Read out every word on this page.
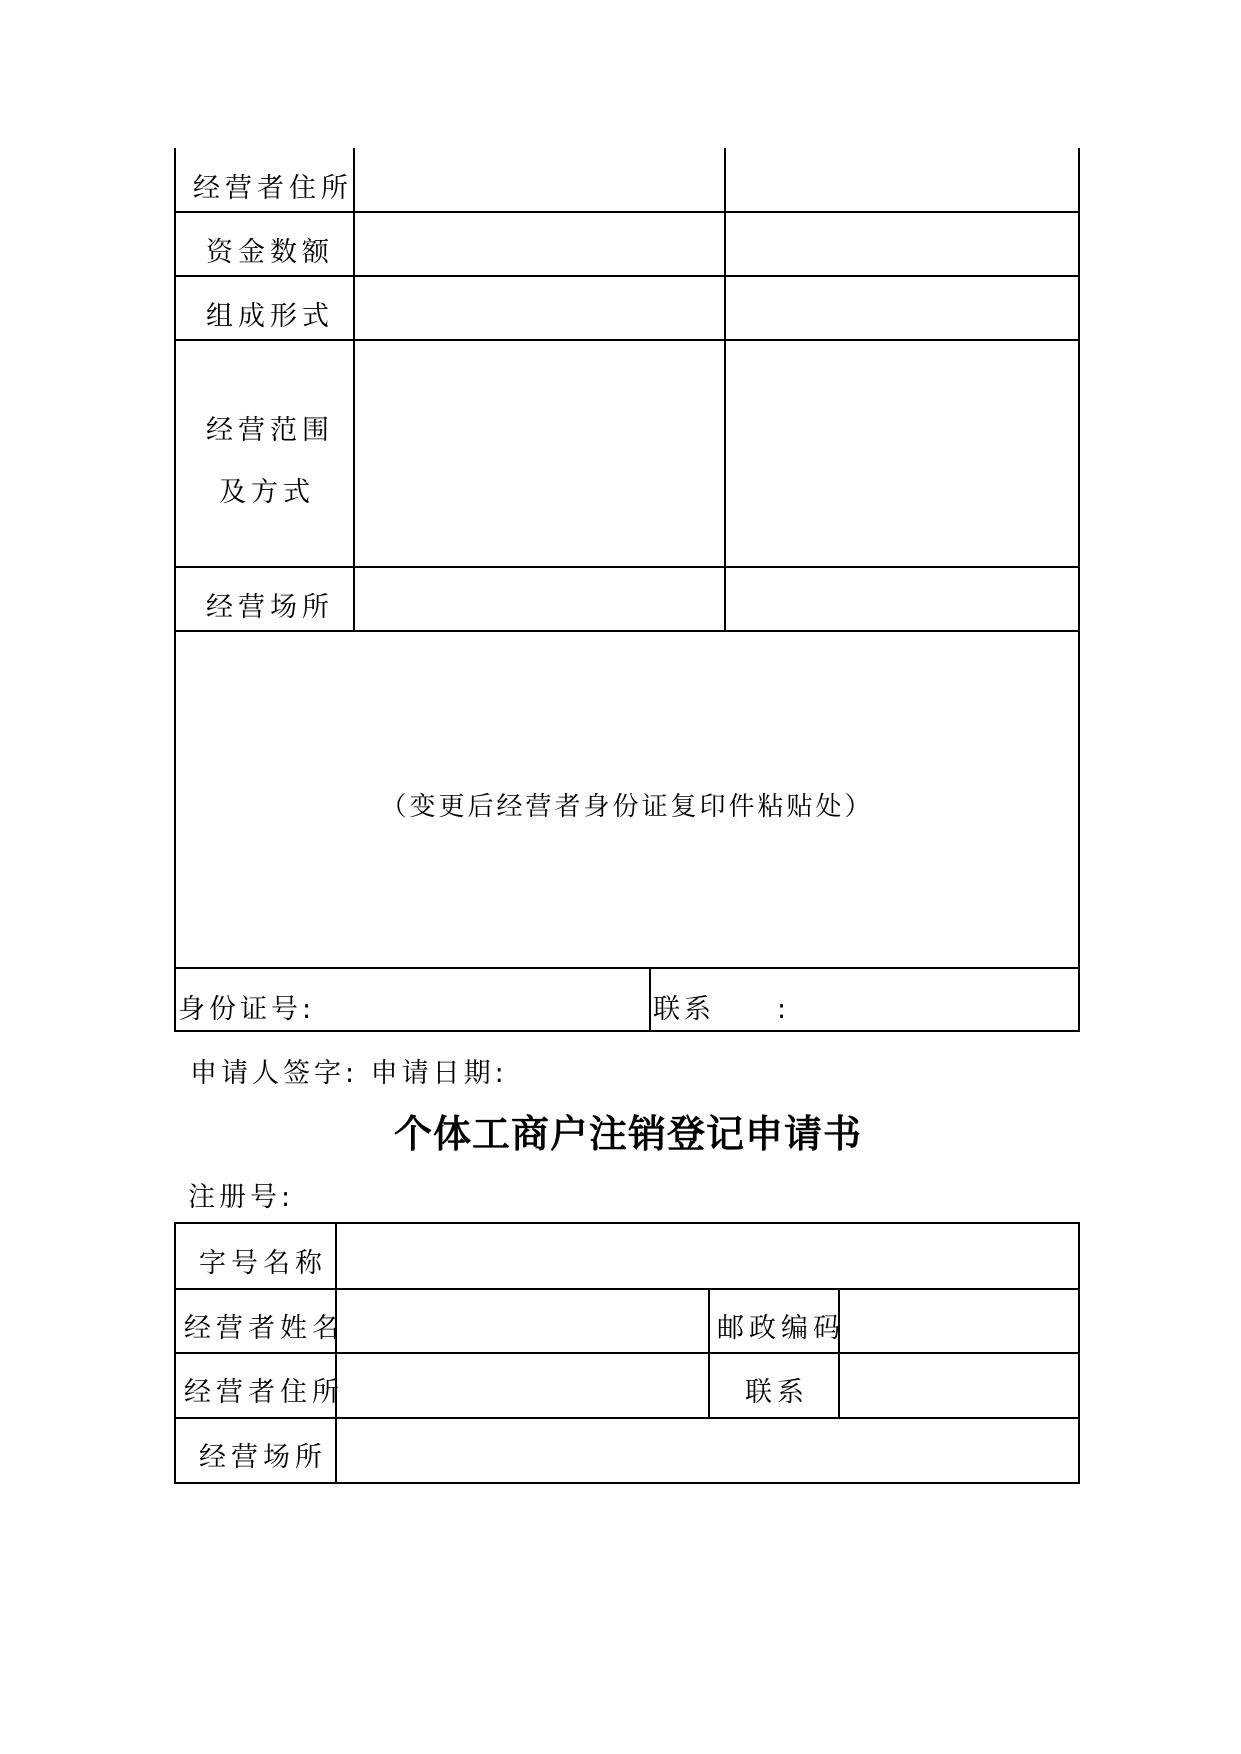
经营者住所
资金数额
组成形式
经营范围
及方式
经营场所
（变更后经营者身份证复印件粘贴处）
身份证号:	联系　　:
申请人签字: 申请日期:
个体工商户注销登记申请书
注册号:
字号名称
经营者姓名	邮政编码
经营者住所	联系
经营场所
